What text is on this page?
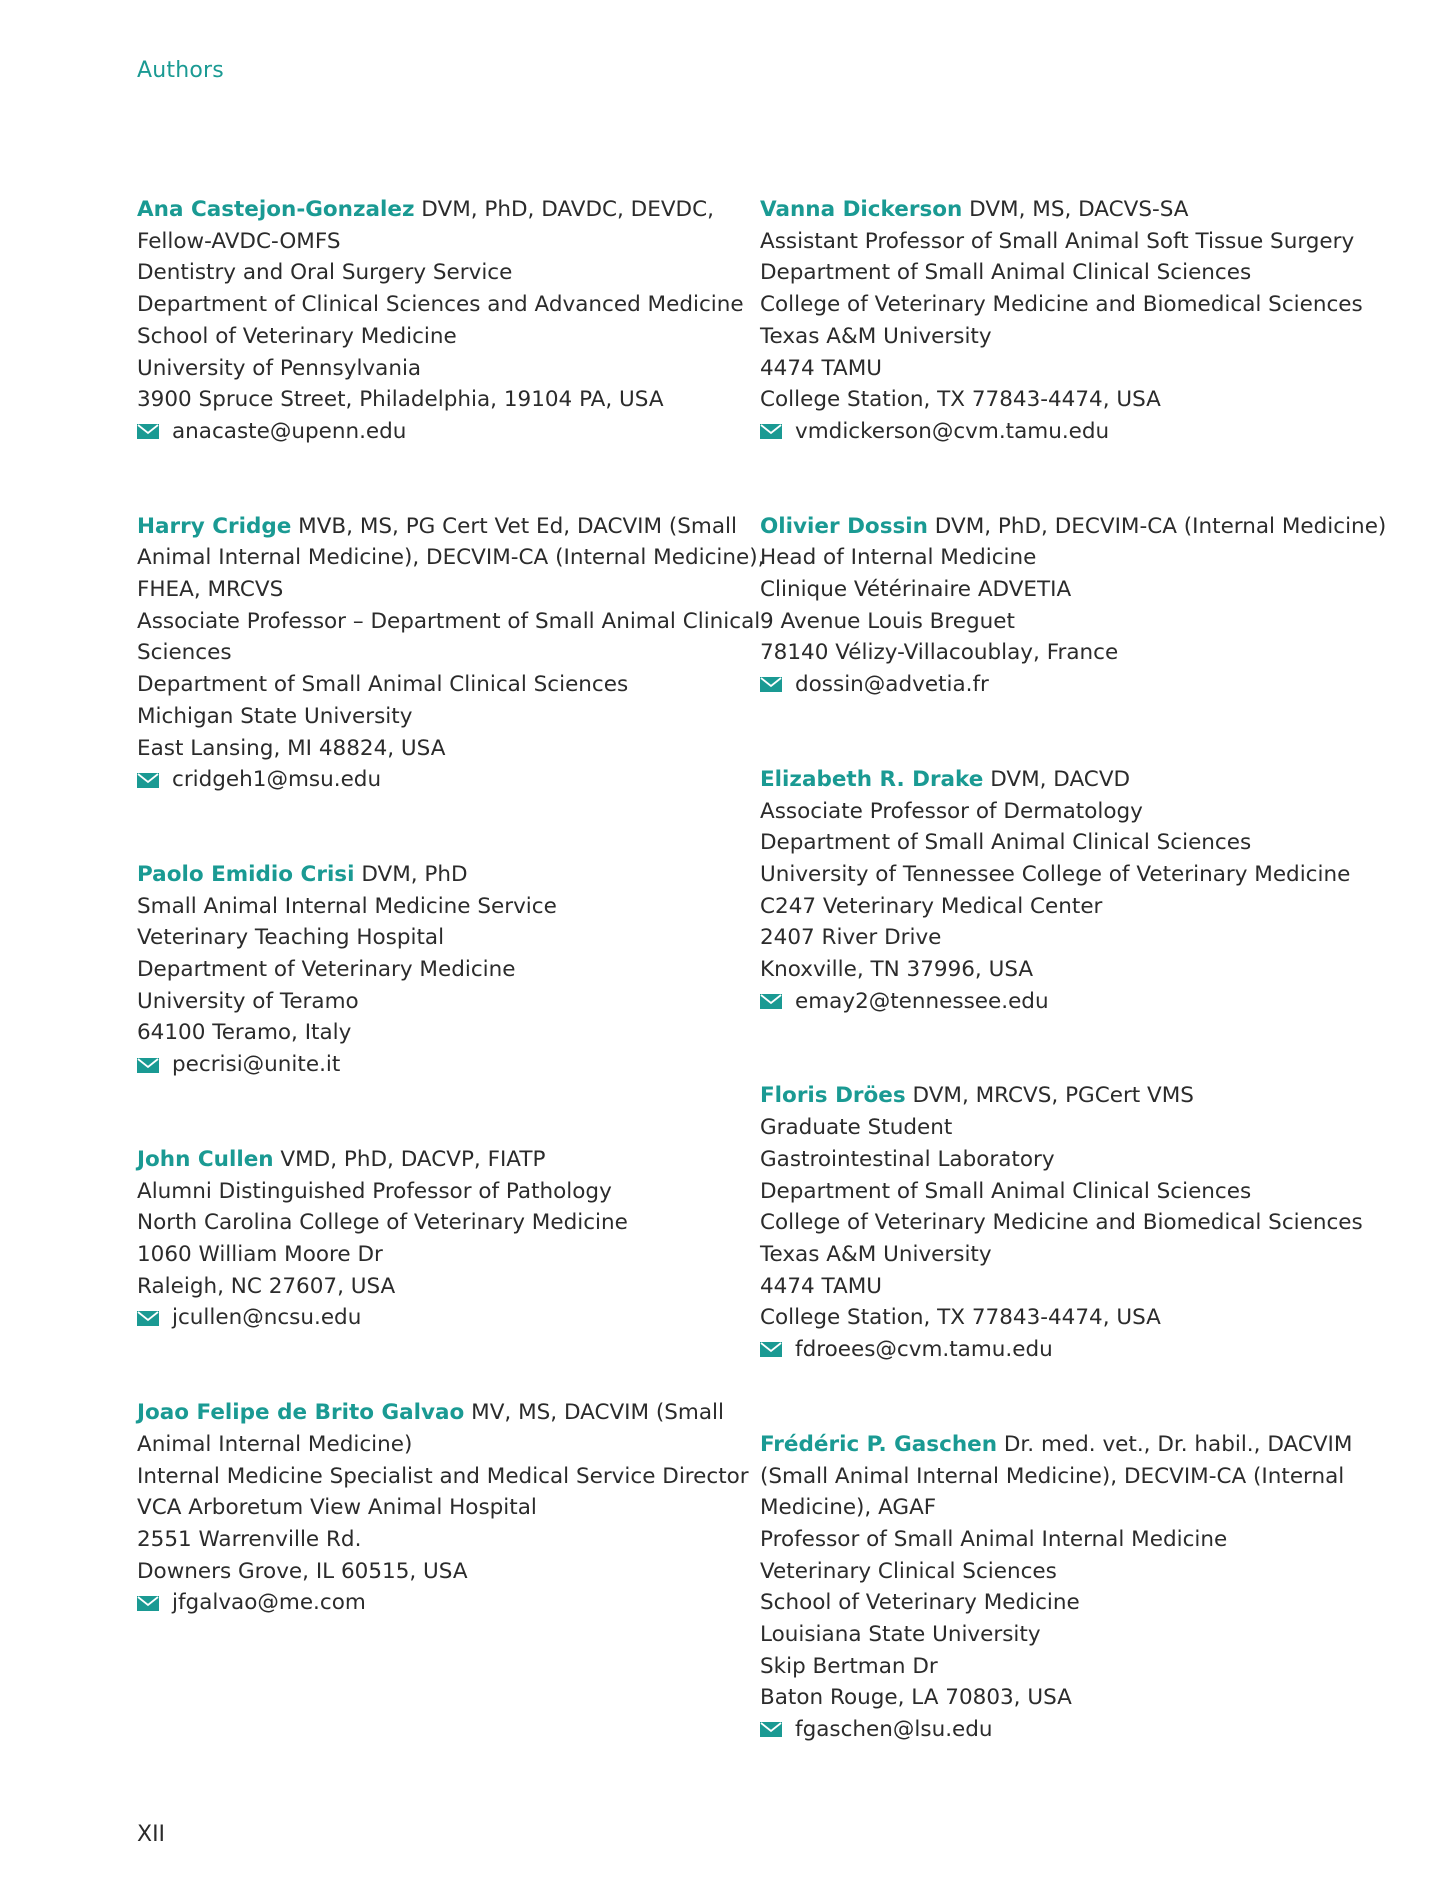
Authors
Ana Castejon-Gonzalez DVM, PhD, DAVDC, DEVDC,
Fellow-AVDC-OMFS
Dentistry and Oral Surgery Service
Department of Clinical Sciences and Advanced Medicine
School of Veterinary Medicine
University of Pennsylvania
3900 Spruce Street, Philadelphia, 19104 PA, USA
anacaste@upenn.edu
Harry Cridge MVB, MS, PG Cert Vet Ed, DACVIM (Small
Animal Internal Medicine), DECVIM-CA (Internal Medicine),
FHEA, MRCVS
Associate Professor – Department of Small Animal Clinical
Sciences
Department of Small Animal Clinical Sciences
Michigan State University
East Lansing, MI 48824, USA
cridgeh1@msu.edu
Paolo Emidio Crisi DVM, PhD
Small Animal Internal Medicine Service
Veterinary Teaching Hospital
Department of Veterinary Medicine
University of Teramo
64100 Teramo, Italy
pecrisi@unite.it
John Cullen VMD, PhD, DACVP, FIATP
Alumni Distinguished Professor of Pathology
North Carolina College of Veterinary Medicine
1060 William Moore Dr
Raleigh, NC 27607, USA
jcullen@ncsu.edu
Joao Felipe de Brito Galvao MV, MS, DACVIM (Small
Animal Internal Medicine)
Internal Medicine Specialist and Medical Service Director
VCA Arboretum View Animal Hospital
2551 Warrenville Rd.
Downers Grove, IL 60515, USA
jfgalvao@me.com
Vanna Dickerson DVM, MS, DACVS-SA
Assistant Professor of Small Animal Soft Tissue Surgery
Department of Small Animal Clinical Sciences
College of Veterinary Medicine and Biomedical Sciences
Texas A&M University
4474 TAMU
College Station, TX 77843-4474, USA
vmdickerson@cvm.tamu.edu
Olivier Dossin DVM, PhD, DECVIM-CA (Internal Medicine)
Head of Internal Medicine
Clinique Vétérinaire ADVETIA
9 Avenue Louis Breguet
78140 Vélizy-Villacoublay, France
dossin@advetia.fr
Elizabeth R. Drake DVM, DACVD
Associate Professor of Dermatology
Department of Small Animal Clinical Sciences
University of Tennessee College of Veterinary Medicine
C247 Veterinary Medical Center
2407 River Drive
Knoxville, TN 37996, USA
emay2@tennessee.edu
Floris Dröes DVM, MRCVS, PGCert VMS
Graduate Student
Gastrointestinal Laboratory
Department of Small Animal Clinical Sciences
College of Veterinary Medicine and Biomedical Sciences
Texas A&M University
4474 TAMU
College Station, TX 77843-4474, USA
fdroees@cvm.tamu.edu
Frédéric P. Gaschen Dr. med. vet., Dr. habil., DACVIM
(Small Animal Internal Medicine), DECVIM-CA (Internal
Medicine), AGAF
Professor of Small Animal Internal Medicine
Veterinary Clinical Sciences
School of Veterinary Medicine
Louisiana State University
Skip Bertman Dr
Baton Rouge, LA 70803, USA
fgaschen@lsu.edu
XII
